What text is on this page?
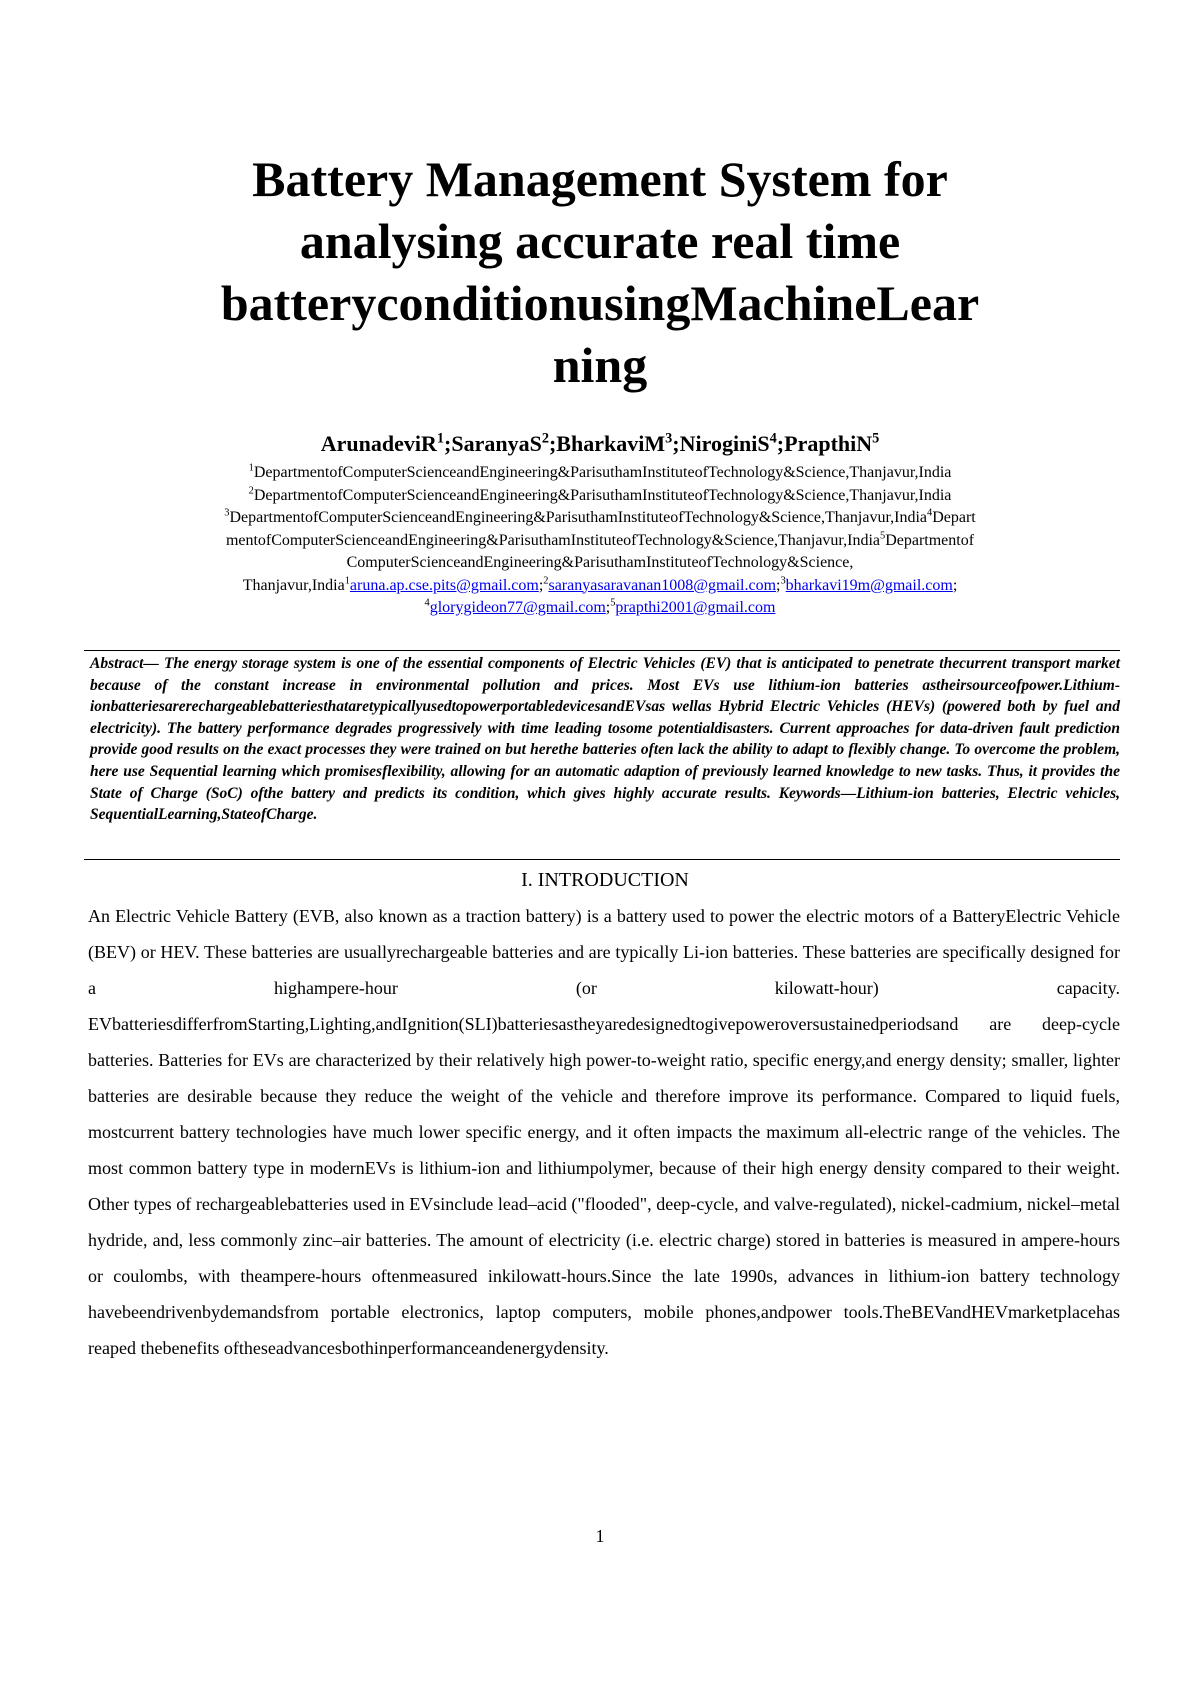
Battery Management System for
analysing accurate real time
batteryconditionusingMachineLear
ning
ArunadeviR$^1$;SaranyaS$^2$;BharkaviM$^3$;NiroginiS$^4$;PrapthiN$^5$
$^1$DepartmentofComputerScienceandEngineering&ParisuthamInstituteofTechnology&Science,Thanjavur,India
$^2$DepartmentofComputerScienceandEngineering&ParisuthamInstituteofTechnology&Science,Thanjavur,India
$^3$DepartmentofComputerScienceandEngineering&ParisuthamInstituteofTechnology&Science,Thanjavur,India$^4$Depart
mentofComputerScienceandEngineering&ParisuthamInstituteofTechnology&Science,Thanjavur,India$^5$Departmentof
ComputerScienceandEngineering&ParisuthamInstituteofTechnology&Science,
Thanjavur,India$^1$aruna.ap.cse.pits@gmail.com;$^2$saranyasaravanan1008@gmail.com;$^3$bharkavi19m@gmail.com;
$^4$glorygideon77@gmail.com;$^5$prapthi2001@gmail.com
Abstract— The energy storage system is one of the essential components of Electric Vehicles (EV) that is anticipated to penetrate thecurrent transport market because of the constant increase in environmental pollution and prices. Most EVs use lithium-ion batteries astheirsourceofpower.Lithium-ionbatteriesarerechargeablebatteriesthataretypicallyusedtopowerportabledevicesandEVsas wellas Hybrid Electric Vehicles (HEVs) (powered both by fuel and electricity). The battery performance degrades progressively with time leading tosome potentialdisasters. Current approaches for data-driven fault prediction provide good results on the exact processes they were trained on but herethe batteries often lack the ability to adapt to flexibly change. To overcome the problem, here use Sequential learning which promisesflexibility, allowing for an automatic adaption of previously learned knowledge to new tasks. Thus, it provides the State of Charge (SoC) ofthe battery and predicts its condition, which gives highly accurate results. Keywords—Lithium-ion batteries, Electric vehicles, SequentialLearning,StateofCharge.
I. INTRODUCTION
An Electric Vehicle Battery (EVB, also known as a traction battery) is a battery used to power the electric motors of a BatteryElectric Vehicle (BEV) or HEV. These batteries are usuallyrechargeable batteries and are typically Li-ion batteries. These batteries are specifically designed for a highampere-hour (or kilowatt-hour) capacity. EVbatteriesdifferfromStarting,Lighting,andIgnition(SLI)batteriesastheyaredesignedtogivepoweroversustainedperiodsand are deep-cycle batteries. Batteries for EVs are characterized by their relatively high power-to-weight ratio, specific energy,and energy density; smaller, lighter batteries are desirable because they reduce the weight of the vehicle and therefore improve its performance. Compared to liquid fuels, mostcurrent battery technologies have much lower specific energy, and it often impacts the maximum all-electric range of the vehicles. The most common battery type in modernEVs is lithium-ion and lithiumpolymer, because of their high energy density compared to their weight. Other types of rechargeablebatteries used in EVsinclude lead–acid ("flooded", deep-cycle, and valve-regulated), nickel-cadmium, nickel–metal hydride, and, less commonly zinc–air batteries. The amount of electricity (i.e. electric charge) stored in batteries is measured in ampere-hours or coulombs, with theampere-hours oftenmeasured inkilowatt-hours.Since the late 1990s, advances in lithium-ion battery technology havebeendrivenbydemandsfrom portable electronics, laptop computers, mobile phones,andpower tools.TheBEVandHEVmarketplacehas reaped thebenefits oftheseadvancesbothinperformanceandenergydensity.
1
